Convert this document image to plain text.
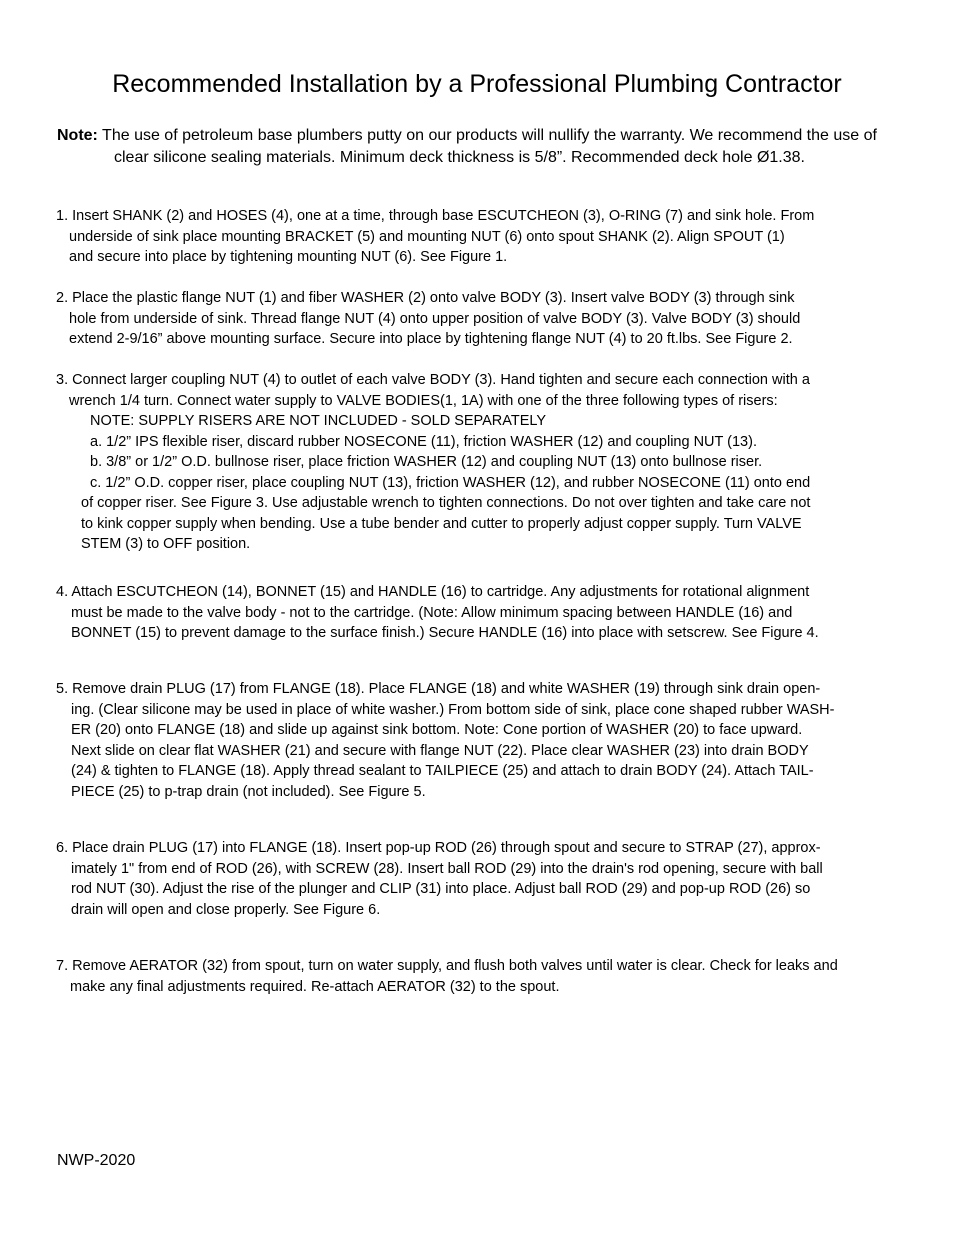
Recommended Installation by a Professional Plumbing Contractor
Note: The use of petroleum base plumbers putty on our products will nullify the warranty. We recommend the use of clear silicone sealing materials. Minimum deck thickness is 5/8”. Recommended deck hole Ø1.38.
1. Insert SHANK (2) and HOSES (4), one at a time, through base ESCUTCHEON (3), O-RING (7) and sink hole. From
underside of sink place mounting BRACKET (5) and mounting NUT (6) onto spout SHANK (2). Align SPOUT (1)
and secure into place by tightening mounting NUT (6). See Figure 1.
2. Place the plastic flange NUT (1) and fiber WASHER (2) onto valve BODY (3). Insert valve BODY (3) through sink
hole from underside of sink. Thread flange NUT (4) onto upper position of valve BODY (3). Valve BODY (3) should
extend 2-9/16” above mounting surface. Secure into place by tightening flange NUT (4) to 20 ft.lbs. See Figure 2.
3. Connect larger coupling NUT (4) to outlet of each valve BODY (3). Hand tighten and secure each connection with a
wrench 1/4 turn. Connect water supply to VALVE BODIES(1, 1A) with one of the three following types of risers:
NOTE: SUPPLY RISERS ARE NOT INCLUDED - SOLD SEPARATELY
a. 1/2” IPS flexible riser, discard rubber NOSECONE (11), friction WASHER (12) and coupling NUT (13).
b. 3/8” or 1/2” O.D. bullnose riser, place friction WASHER (12) and coupling NUT (13) onto bullnose riser.
c. 1/2” O.D. copper riser, place coupling NUT (13), friction WASHER (12), and rubber NOSECONE (11) onto end
of copper riser. See Figure 3. Use adjustable wrench to tighten connections. Do not over tighten and take care not
to kink copper supply when bending. Use a tube bender and cutter to properly adjust copper supply. Turn VALVE
STEM (3) to OFF position.
4. Attach ESCUTCHEON (14), BONNET (15) and HANDLE (16) to cartridge. Any adjustments for rotational alignment
must be made to the valve body - not to the cartridge. (Note: Allow minimum spacing between HANDLE (16) and
BONNET (15) to prevent damage to the surface finish.) Secure HANDLE (16) into place with setscrew. See Figure 4.
5. Remove drain PLUG (17) from FLANGE (18). Place FLANGE (18) and white WASHER (19) through sink drain open-
ing. (Clear silicone may be used in place of white washer.) From bottom side of sink, place cone shaped rubber WASH-
ER (20) onto FLANGE (18) and slide up against sink bottom. Note: Cone portion of WASHER (20) to face upward.
Next slide on clear flat WASHER (21) and secure with flange NUT (22). Place clear WASHER (23) into drain BODY
(24) & tighten to FLANGE (18). Apply thread sealant to TAILPIECE (25) and attach to drain BODY (24). Attach TAIL-
PIECE (25) to p-trap drain (not included). See Figure 5.
6. Place drain PLUG (17) into FLANGE (18). Insert pop-up ROD (26) through spout and secure to STRAP (27), approx-
imately 1" from end of ROD (26), with SCREW (28). Insert ball ROD (29) into the drain's rod opening, secure with ball
rod NUT (30). Adjust the rise of the plunger and CLIP (31) into place. Adjust ball ROD (29) and pop-up ROD (26) so
drain will open and close properly. See Figure 6.
7. Remove AERATOR (32) from spout, turn on water supply, and flush both valves until water is clear. Check for leaks and
make any final adjustments required. Re-attach AERATOR (32) to the spout.
NWP-2020
